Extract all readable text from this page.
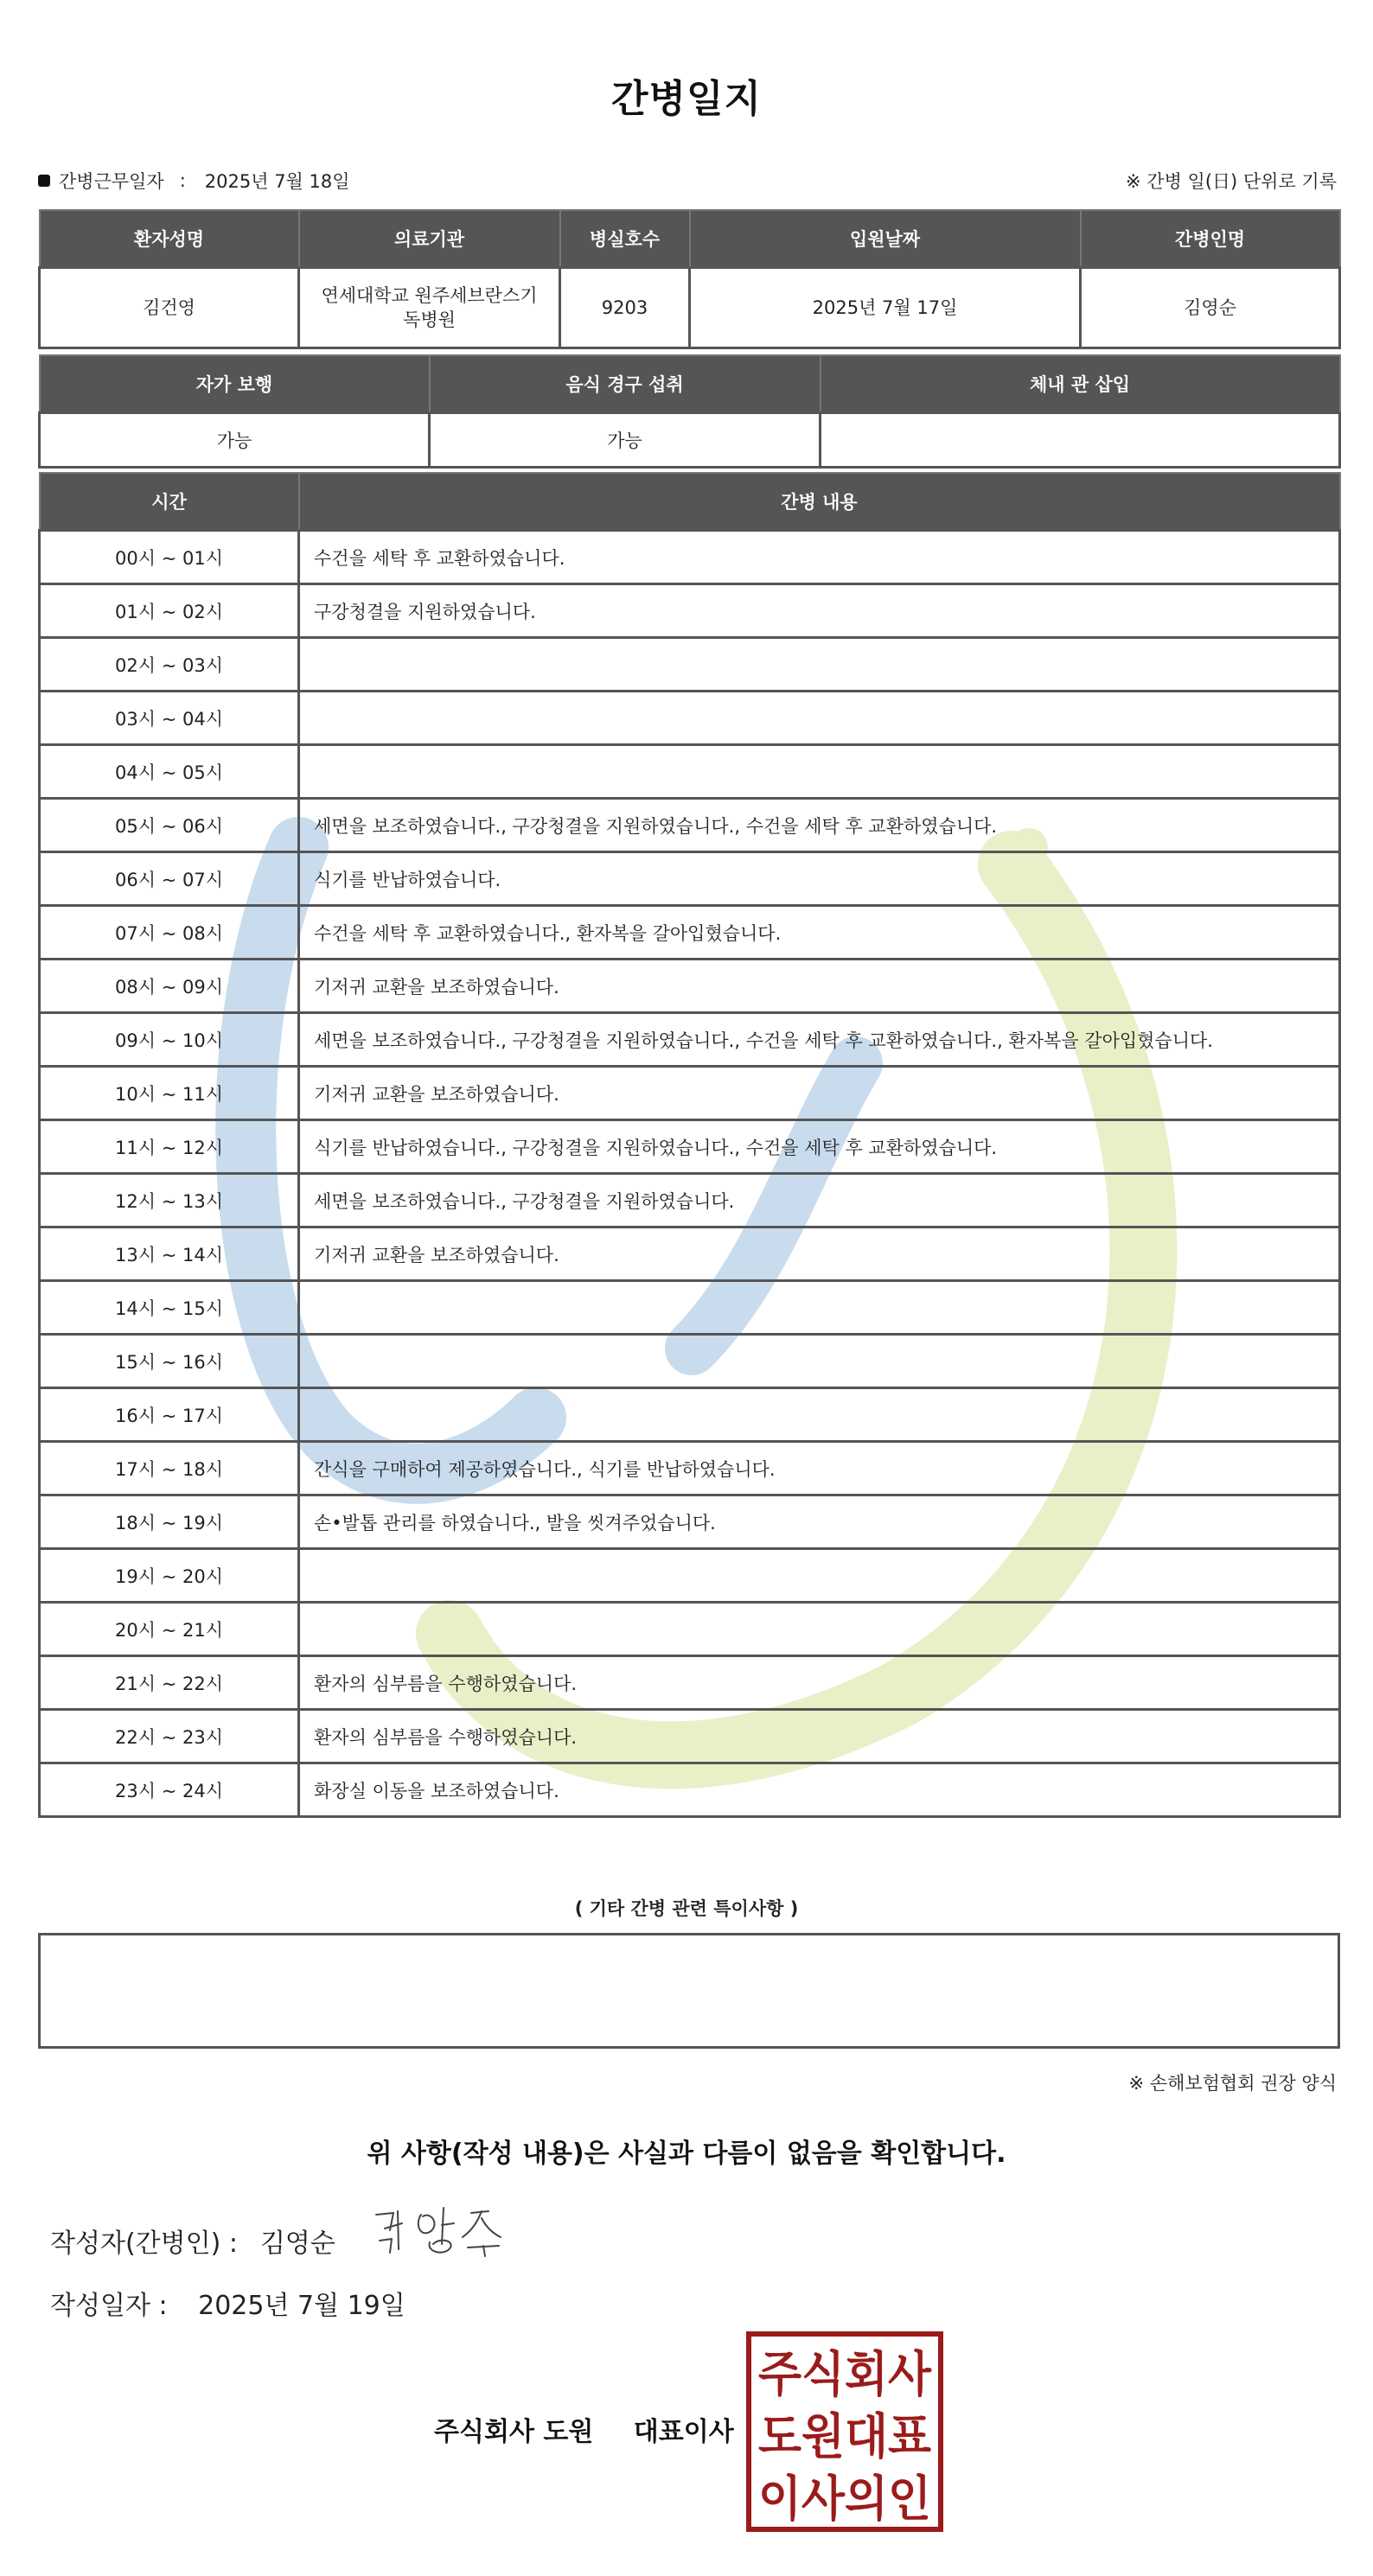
간병일지
간병근무일자 : 2025년 7월 18일	※ 간병 일(日) 단위로 기록
환자성명	의료기관	병실호수	입원날짜	간병인명
김건영	연세대학교 원주세브란스기독병원	9203	2025년 7월 17일	김영순
자가 보행	음식 경구 섭취	체내 관 삽입
가능	가능	
시간	간병 내용
00시 ~ 01시	수건을 세탁 후 교환하였습니다.
01시 ~ 02시	구강청결을 지원하였습니다.
02시 ~ 03시	
03시 ~ 04시	
04시 ~ 05시	
05시 ~ 06시	세면을 보조하였습니다., 구강청결을 지원하였습니다., 수건을 세탁 후 교환하였습니다.
06시 ~ 07시	식기를 반납하였습니다.
07시 ~ 08시	수건을 세탁 후 교환하였습니다., 환자복을 갈아입혔습니다.
08시 ~ 09시	기저귀 교환을 보조하였습니다.
09시 ~ 10시	세면을 보조하였습니다., 구강청결을 지원하였습니다., 수건을 세탁 후 교환하였습니다., 환자복을 갈아입혔습니다.
10시 ~ 11시	기저귀 교환을 보조하였습니다.
11시 ~ 12시	식기를 반납하였습니다., 구강청결을 지원하였습니다., 수건을 세탁 후 교환하였습니다.
12시 ~ 13시	세면을 보조하였습니다., 구강청결을 지원하였습니다.
13시 ~ 14시	기저귀 교환을 보조하였습니다.
14시 ~ 15시	
15시 ~ 16시	
16시 ~ 17시	
17시 ~ 18시	간식을 구매하여 제공하였습니다., 식기를 반납하였습니다.
18시 ~ 19시	손•발톱 관리를 하였습니다., 발을 씻겨주었습니다.
19시 ~ 20시	
20시 ~ 21시	
21시 ~ 22시	환자의 심부름을 수행하였습니다.
22시 ~ 23시	환자의 심부름을 수행하였습니다.
23시 ~ 24시	화장실 이동을 보조하였습니다.
( 기타 간병 관련 특이사항 )
※ 손해보험협회 권장 양식
위 사항(작성 내용)은 사실과 다름이 없음을 확인합니다.
작성자(간병인) : 김영순
작성일자 : 2025년 7월 19일
주식회사 도원 대표이사
주식회사
도원대표
이사의인
